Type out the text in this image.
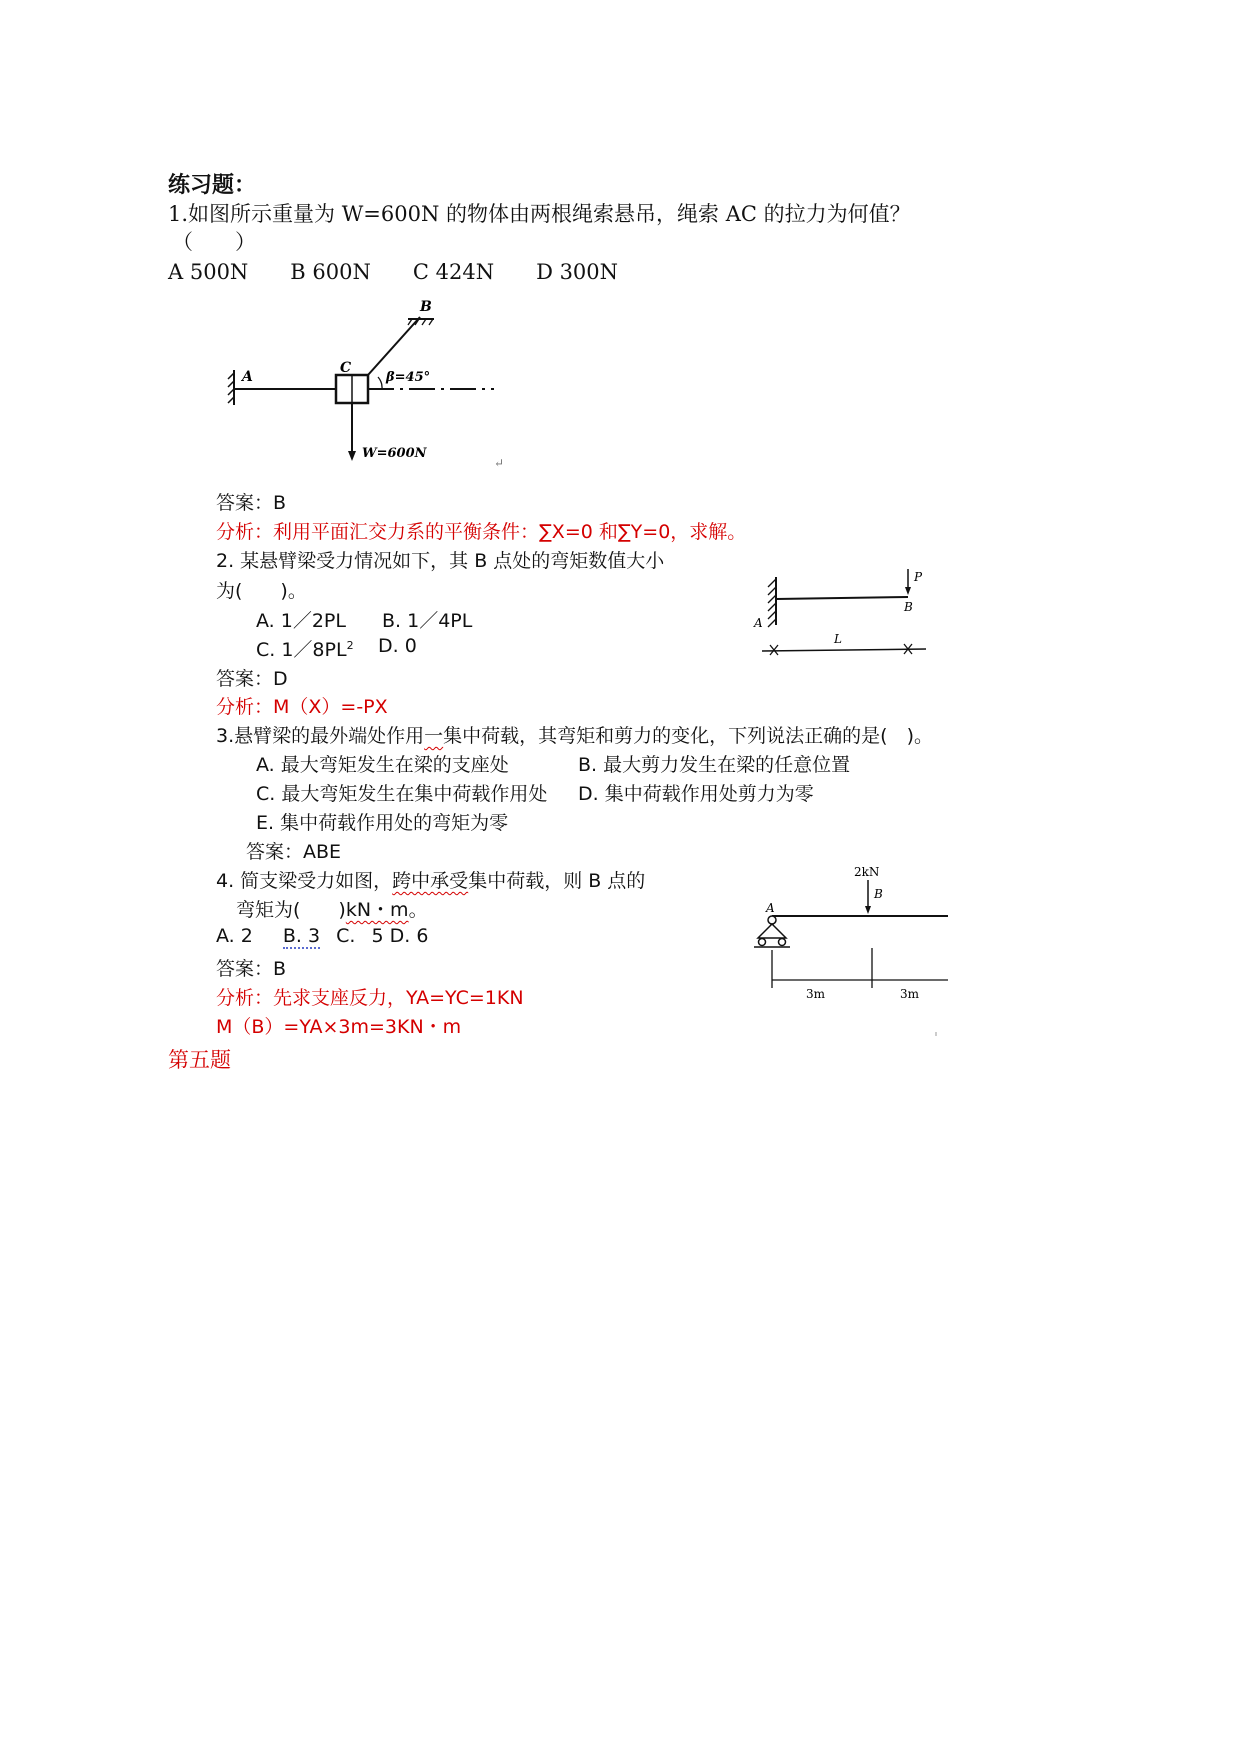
练习题：
1.如图所示重量为 W=600N 的物体由两根绳索悬吊，绳索 AC 的拉力为何值？
（　　）
A 500N　　B 600N　　C 424N　　D 300N
A
C
B
β=45°
W=600N
↵
答案：B
分析：利用平面汇交力系的平衡条件：∑X=0 和∑Y=0，求解。
2. 某悬臂梁受力情况如下，其 B 点处的弯矩数值大小
为(　　)。
A. 1／2PL B. 1／4PL
C. $1/8PL^2$ D. 0
A
P
B
L
答案：D
分析：M（X）=-PX
3.悬臂梁的最外端处作用一集中荷载，其弯矩和剪力的变化，下列说法正确的是(　)。
A. 最大弯矩发生在梁的支座处	B. 最大剪力发生在梁的任意位置
C. 最大弯矩发生在集中荷载作用处 D. 集中荷载作用处剪力为零
E. 集中荷载作用处的弯矩为零
答案：ABE
4. 简支梁受力如图，跨中承受集中荷载，则 B 点的
弯矩为(　　)kN・m。
A. 2 B. 3 C. 5 D. 6
2kN
B
A
3m	3m
答案：B
分析：先求支座反力，YA=YC=1KN
M（B）=YA×3m=3KN・m
第五题
